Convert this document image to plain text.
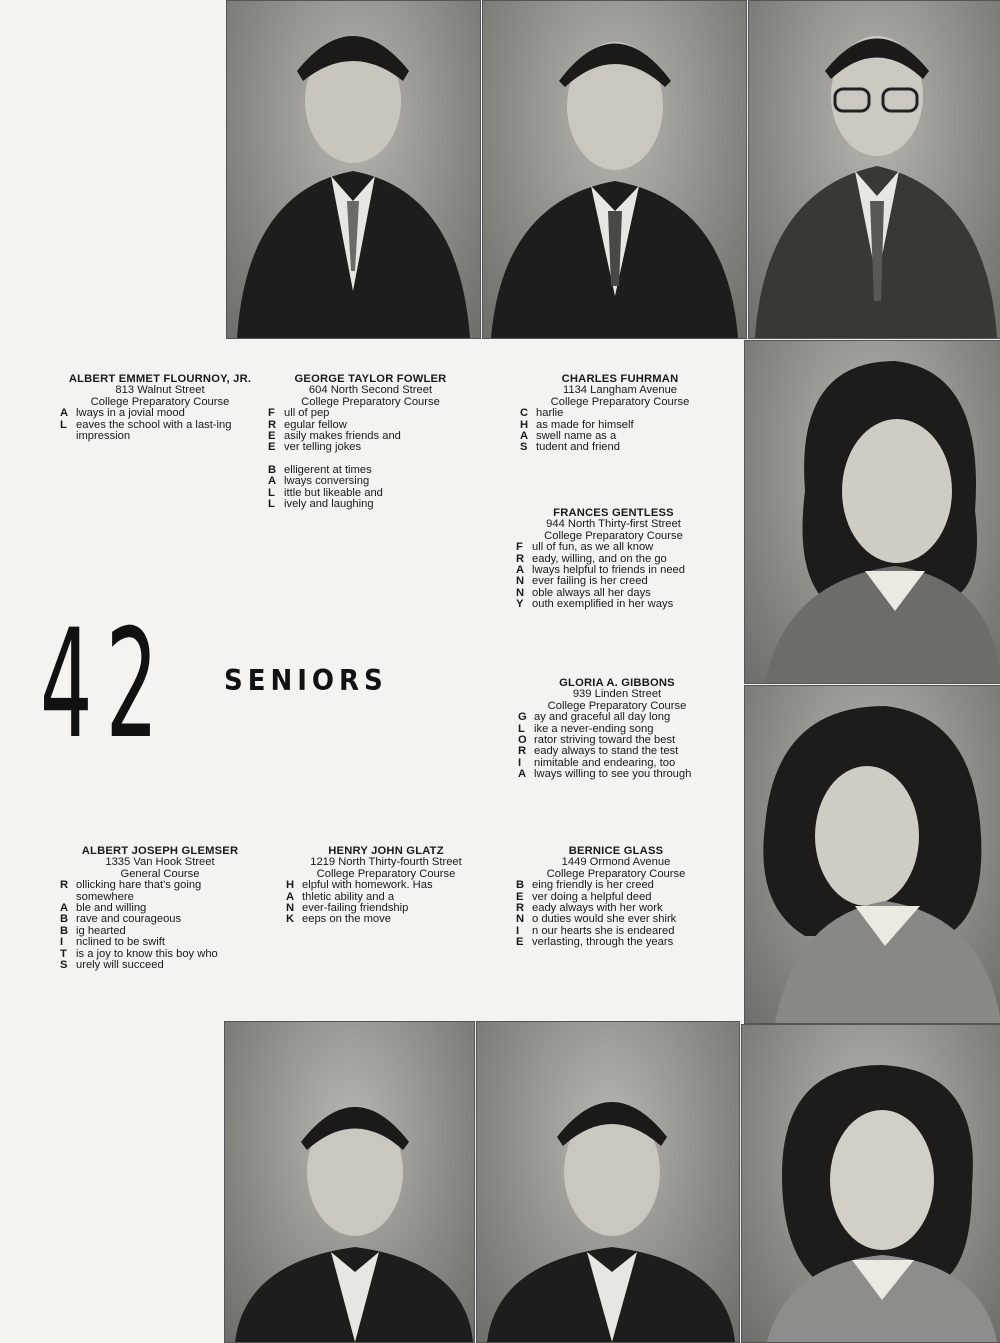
42 SENIORS
ALBERT EMMET FLOURNOY, JR.
813 Walnut Street
College Preparatory Course
A lways in a jovial mood
L eaves the school with a last-ing impression
GEORGE TAYLOR FOWLER
604 North Second Street
College Preparatory Course
F ull of pep
R egular fellow
E asily makes friends and
E ver telling jokes
B elligerent at times
A lways conversing
L ittle but likeable and
L ively and laughing
CHARLES FUHRMAN
1134 Langham Avenue
College Preparatory Course
C harlie
H as made for himself
A swell name as a
S tudent and friend
FRANCES GENTLESS
944 North Thirty-first Street
College Preparatory Course
F ull of fun, as we all know
R eady, willing, and on the go
A lways helpful to friends in need
N ever failing is her creed
N oble always all her days
Y outh exemplified in her ways
GLORIA A. GIBBONS
939 Linden Street
College Preparatory Course
G ay and graceful all day long
L ike a never-ending song
O rator striving toward the best
R eady always to stand the test
I nimitable and endearing, too
A lways willing to see you through
ALBERT JOSEPH GLEMSER
1335 Van Hook Street
General Course
R ollicking hare that's going somewhere
A ble and willing
B rave and courageous
B ig hearted
I nclined to be swift
T is a joy to know this boy who
S urely will succeed
HENRY JOHN GLATZ
1219 North Thirty-fourth Street
College Preparatory Course
H elpful with homework. Has
A thletic ability and a
N ever-failing friendship
K eeps on the move
BERNICE GLASS
1449 Ormond Avenue
College Preparatory Course
B eing friendly is her creed
E ver doing a helpful deed
R eady always with her work
N o duties would she ever shirk
I n our hearts she is endeared
E verlasting, through the years
